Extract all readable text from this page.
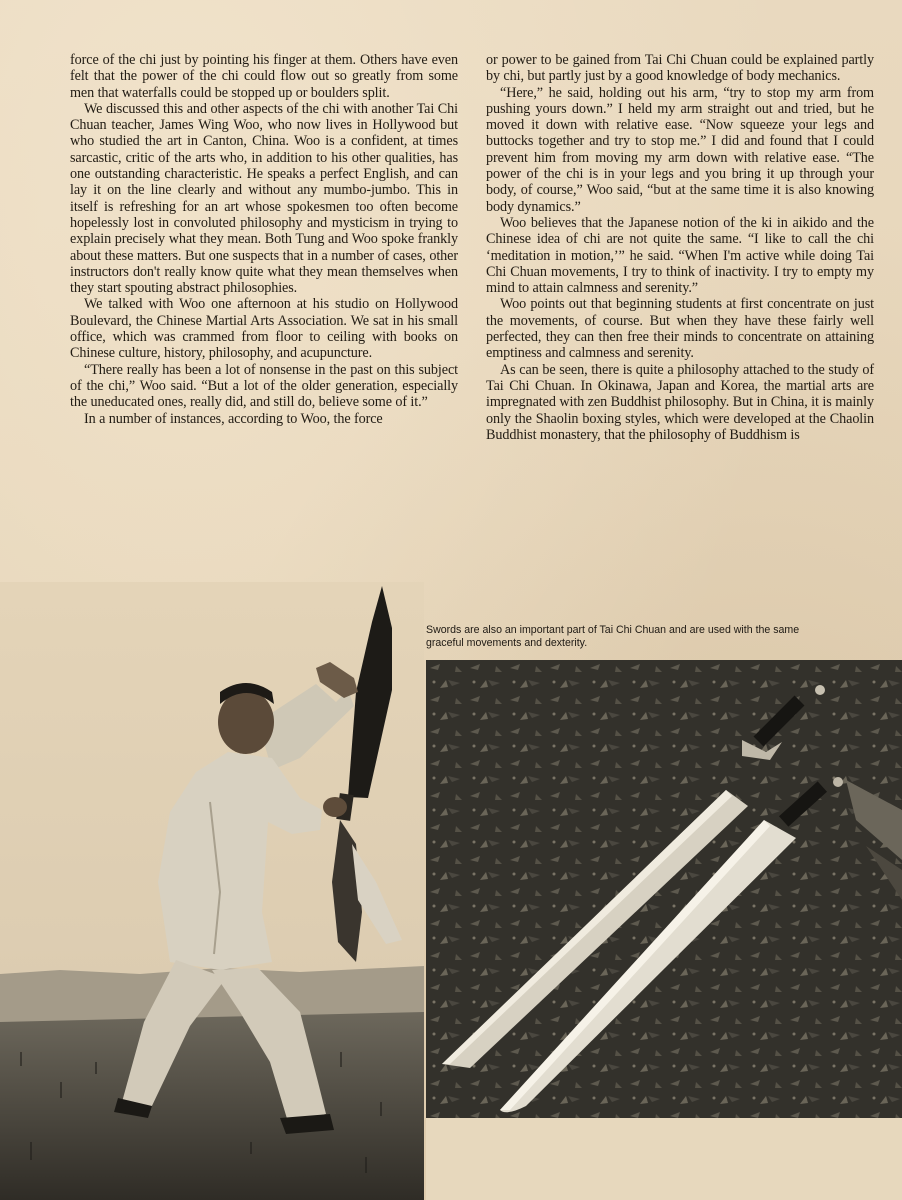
force of the chi just by pointing his finger at them. Others have even felt that the power of the chi could flow out so greatly from some men that waterfalls could be stopped up or boulders split.

We discussed this and other aspects of the chi with another Tai Chi Chuan teacher, James Wing Woo, who now lives in Hollywood but who studied the art in Canton, China. Woo is a confident, at times sarcastic, critic of the arts who, in addition to his other qualities, has one outstanding characteristic. He speaks a perfect English, and can lay it on the line clearly and without any mumbo-jumbo. This in itself is refreshing for an art whose spokesmen too often become hopelessly lost in convoluted philosophy and mysticism in trying to explain precisely what they mean. Both Tung and Woo spoke frankly about these matters. But one suspects that in a number of cases, other instructors don't really know quite what they mean themselves when they start spouting abstract philosophies.

We talked with Woo one afternoon at his studio on Hollywood Boulevard, the Chinese Martial Arts Association. We sat in his small office, which was crammed from floor to ceiling with books on Chinese culture, history, philosophy, and acupuncture.

“There really has been a lot of nonsense in the past on this subject of the chi,” Woo said. “But a lot of the older generation, especially the uneducated ones, really did, and still do, believe some of it.”

In a number of instances, according to Woo, the force

or power to be gained from Tai Chi Chuan could be explained partly by chi, but partly just by a good knowledge of body mechanics.

“Here,” he said, holding out his arm, “try to stop my arm from pushing yours down.” I held my arm straight out and tried, but he moved it down with relative ease. “Now squeeze your legs and buttocks together and try to stop me.” I did and found that I could prevent him from moving my arm down with relative ease. “The power of the chi is in your legs and you bring it up through your body, of course,” Woo said, “but at the same time it is also knowing body dynamics.”

Woo believes that the Japanese notion of the ki in aikido and the Chinese idea of chi are not quite the same. “I like to call the chi ‘meditation in motion,’” he said. “When I'm active while doing Tai Chi Chuan movements, I try to think of inactivity. I try to empty my mind to attain calmness and serenity.”

Woo points out that beginning students at first concentrate on just the movements, of course. But when they have these fairly well perfected, they can then free their minds to concentrate on attaining emptiness and calmness and serenity.

As can be seen, there is quite a philosophy attached to the study of Tai Chi Chuan. In Okinawa, Japan and Korea, the martial arts are impregnated with zen Buddhist philosophy. But in China, it is mainly only the Shaolin boxing styles, which were developed at the Chaolin Buddhist monastery, that the philosophy of Buddhism is

Swords are also an important part of Tai Chi Chuan and are used with the same graceful movements and dexterity.
